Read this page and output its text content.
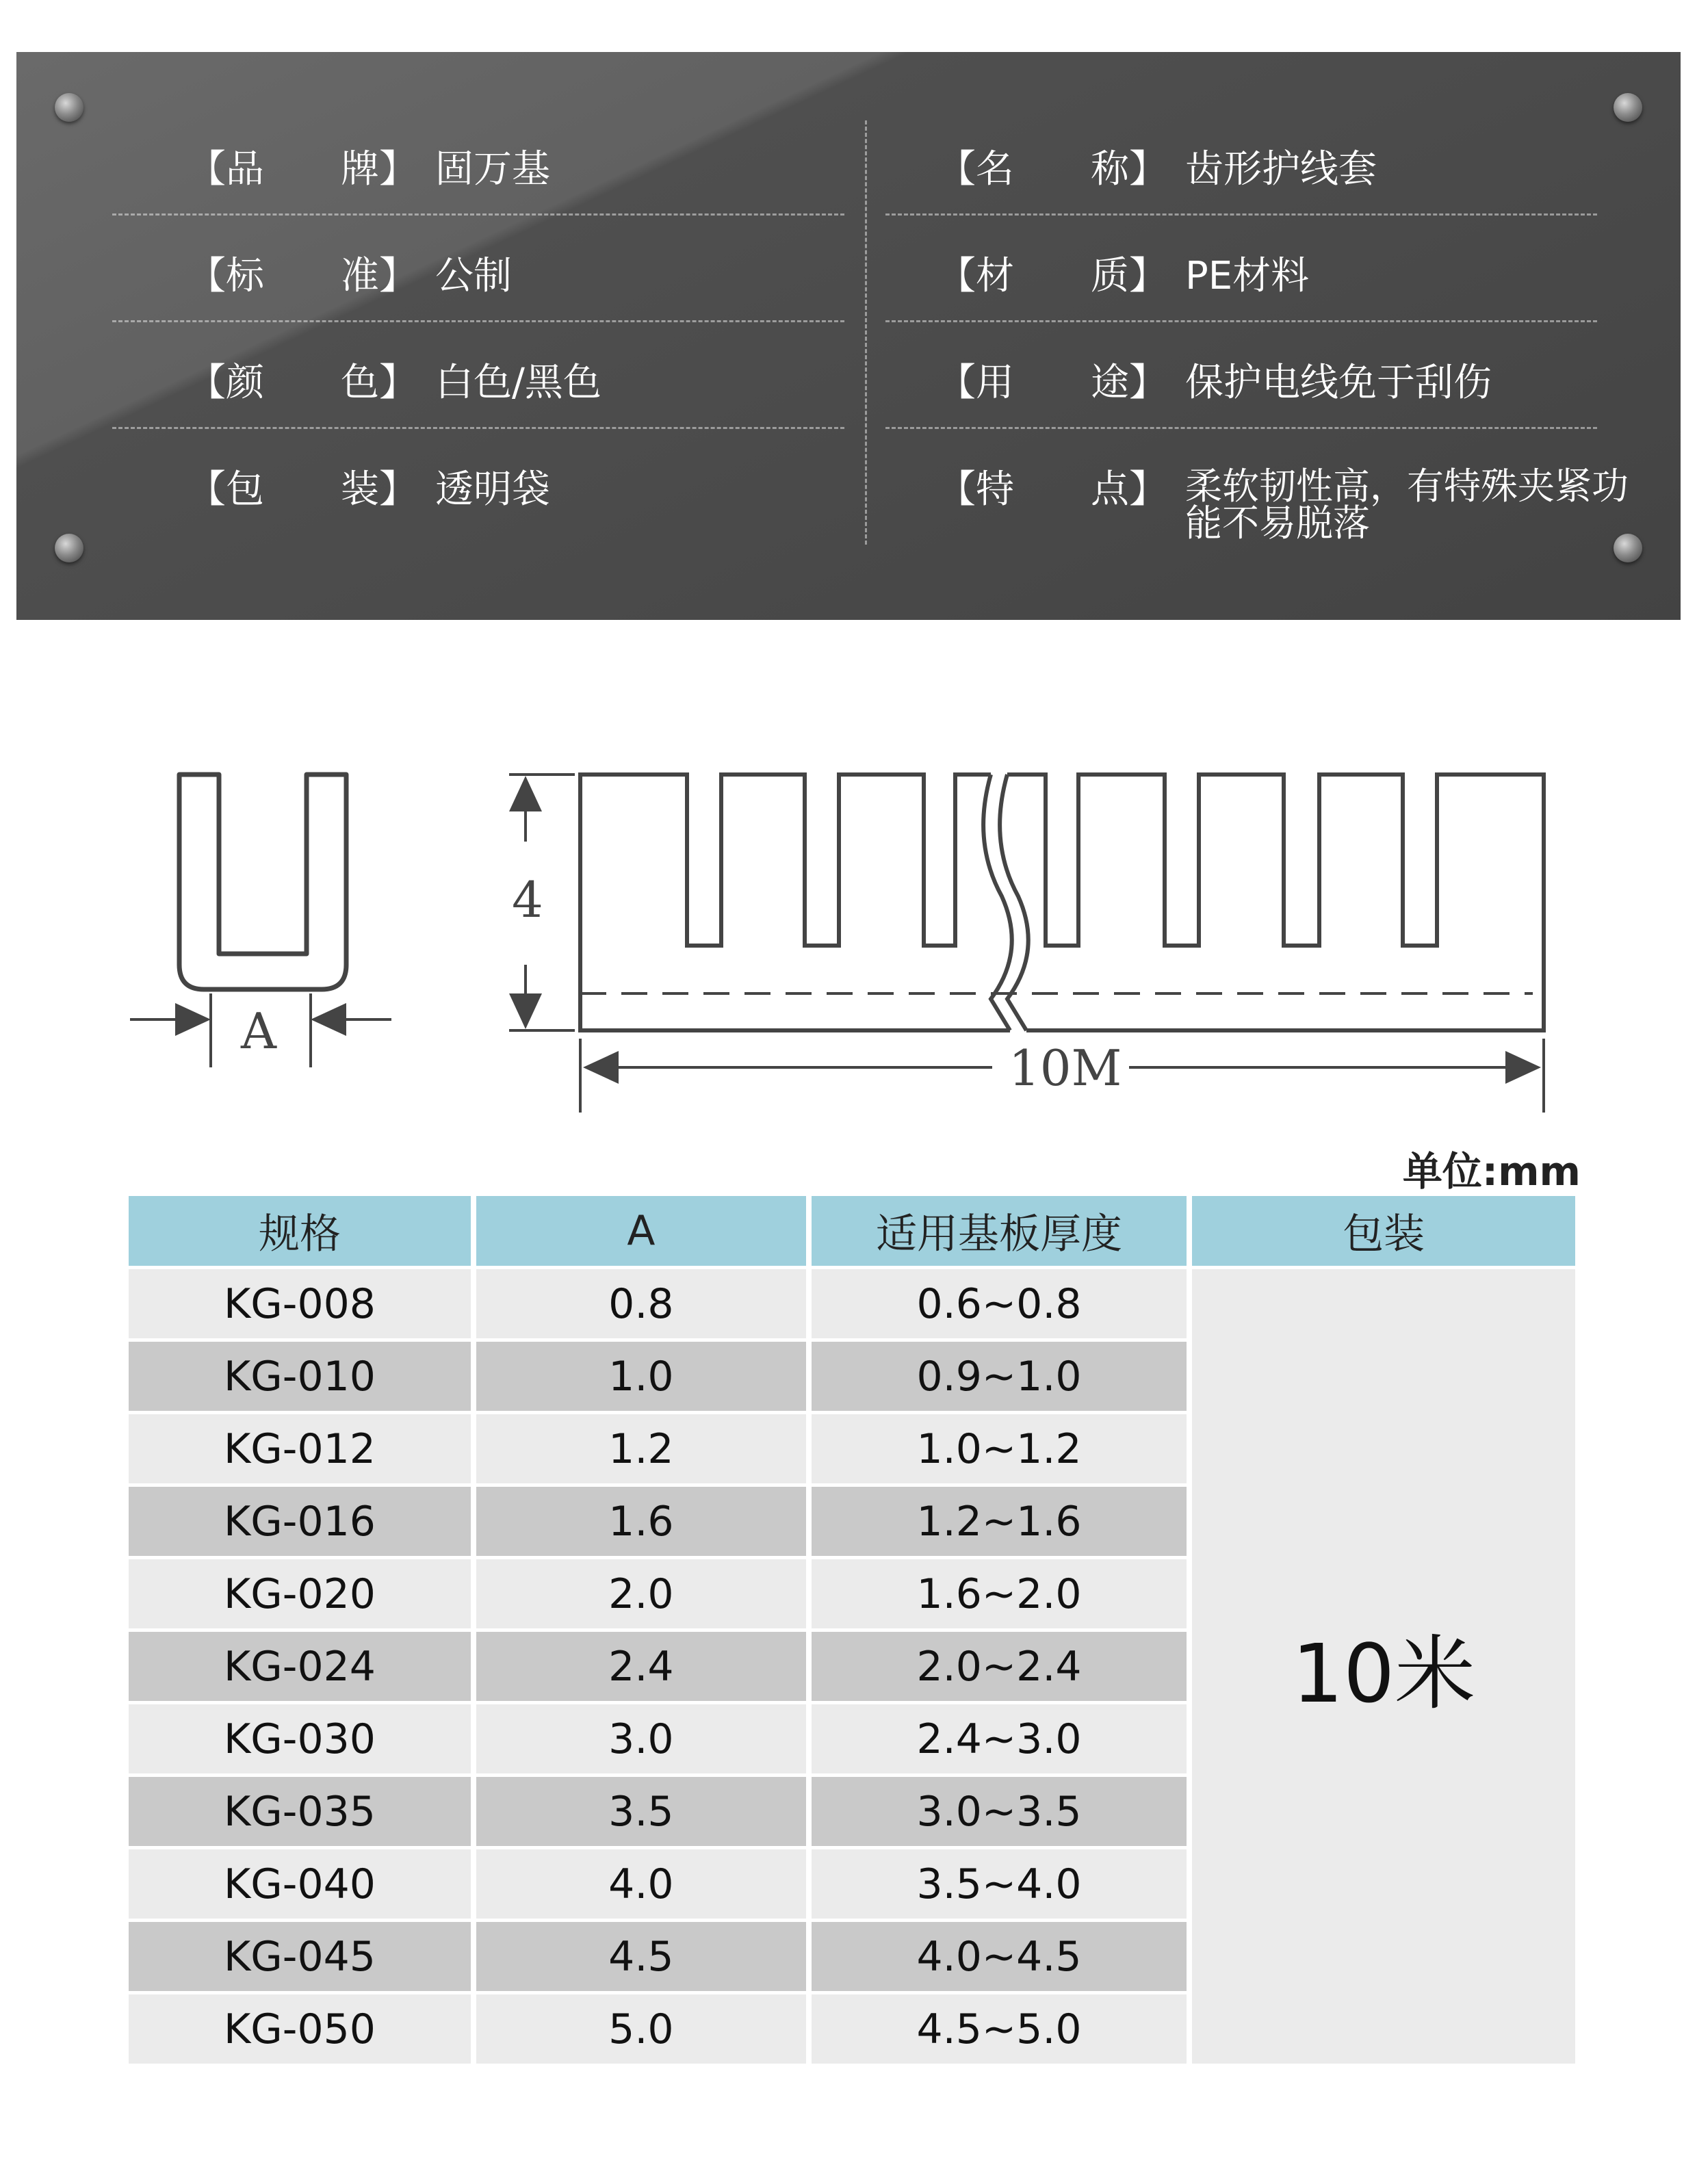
【品　　牌】 固万基	【名　　称】 齿形护线套
【标　　准】 公制	【材　　质】 PE材料
【颜　　色】 白色/黑色	【用　　途】 保护电线免于刮伤
【包　　装】 透明袋	【特　　点】 柔软韧性高，有特殊夹紧功能不易脱落
A
4
10M
单位:mm
规格	A	适用基板厚度	包装
KG-008	0.8	0.6~0.8	10米
KG-010	1.0	0.9~1.0	
KG-012	1.2	1.0~1.2	
KG-016	1.6	1.2~1.6	
KG-020	2.0	1.6~2.0	
KG-024	2.4	2.0~2.4	
KG-030	3.0	2.4~3.0	
KG-035	3.5	3.0~3.5	
KG-040	4.0	3.5~4.0	
KG-045	4.5	4.0~4.5	
KG-050	5.0	4.5~5.0	
